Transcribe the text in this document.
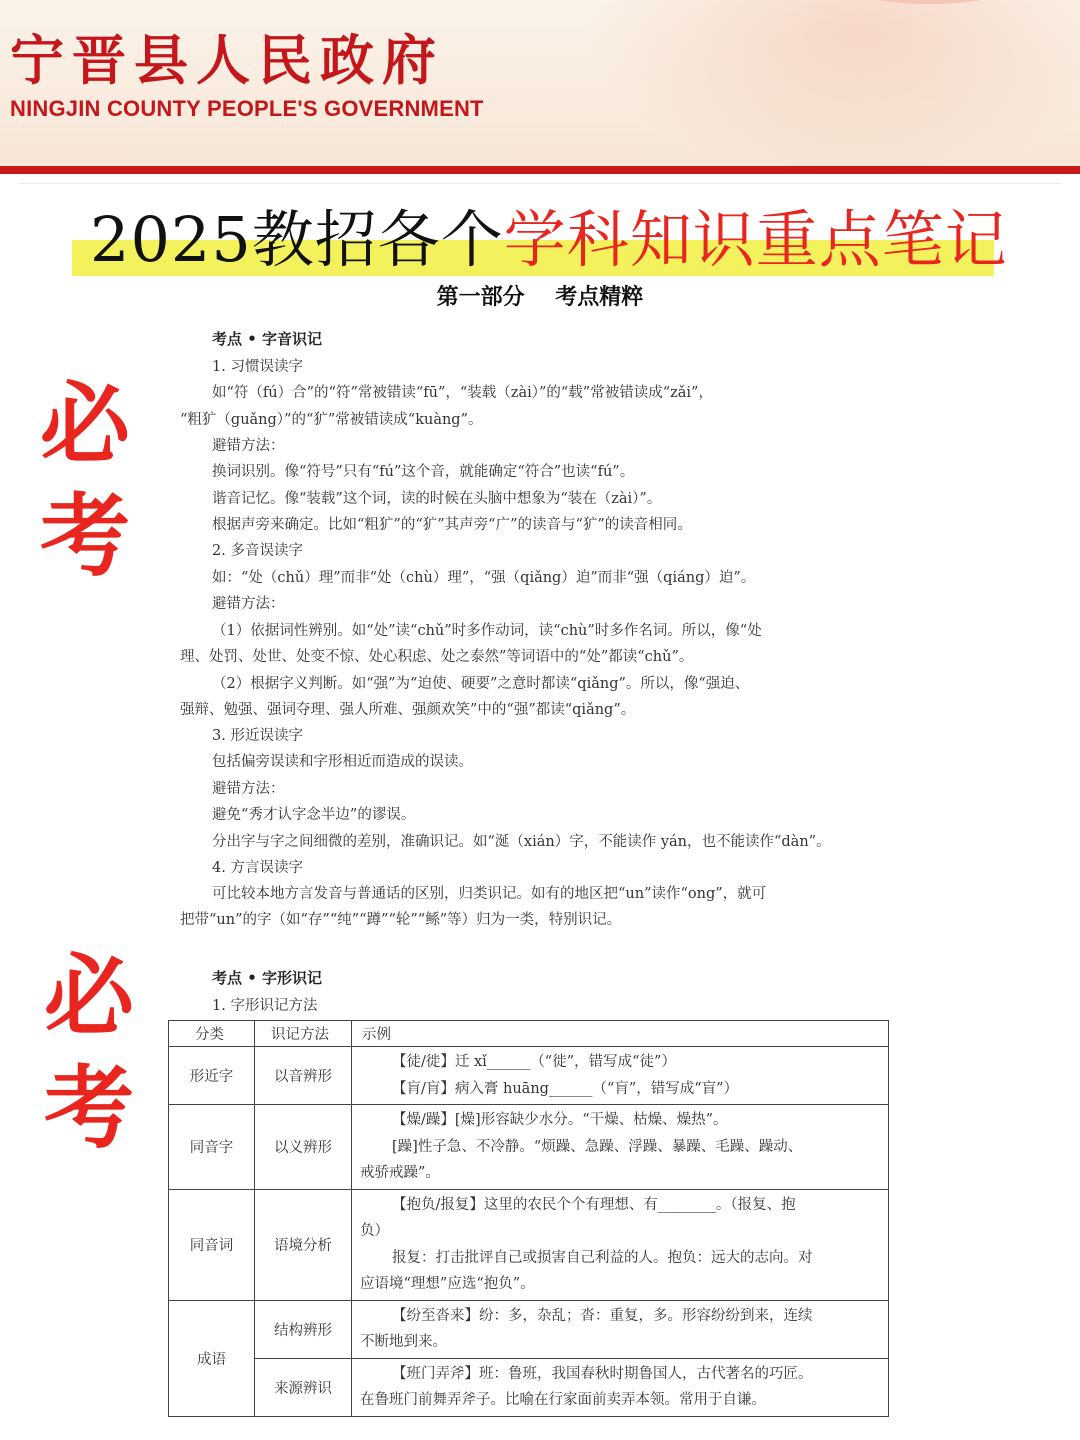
宁晋县人民政府
NINGJIN COUNTY PEOPLE'S GOVERNMENT
2025教招各个学科知识重点笔记
第一部分    考点精粹
必
考
必
考
考点 • 字音识记
1. 习惯误读字
如“符（fú）合”的“符”常被错读“fū”，“装载（zài）”的“载”常被错读成“zǎi”，
“粗犷（guǎng）”的“犷”常被错读成“kuàng”。
避错方法：
换词识别。像“符号”只有“fú”这个音，就能确定“符合”也读“fú”。
谐音记忆。像“装载”这个词，读的时候在头脑中想象为“装在（zài）”。
根据声旁来确定。比如“粗犷”的“犷”其声旁“广”的读音与“犷”的读音相同。
2. 多音误读字
如：“处（chǔ）理”而非“处（chù）理”，“强（qiǎng）迫”而非“强（qiáng）迫”。
避错方法：
（1）依据词性辨别。如“处”读“chǔ”时多作动词，读“chù”时多作名词。所以，像“处
理、处罚、处世、处变不惊、处心积虑、处之泰然”等词语中的“处”都读“chǔ”。
（2）根据字义判断。如“强”为“迫使、硬要”之意时都读“qiǎng”。所以，像“强迫、
强辩、勉强、强词夺理、强人所难、强颜欢笑”中的“强”都读“qiǎng”。
3. 形近误读字
包括偏旁误读和字形相近而造成的误读。
避错方法：
避免“秀才认字念半边”的谬误。
分出字与字之间细微的差别，准确识记。如“涎（xián）字，不能读作 yán，也不能读作“dàn”。
4. 方言误读字
可比较本地方言发音与普通话的区别，归类识记。如有的地区把“un”读作“ong”，就可
把带“un”的字（如“存”“纯”“蹲”“轮”“鲧”等）归为一类，特别识记。
考点 • 字形识记
1. 字形识记方法
分类	识记方法	示例
形近字	以音辨形	【徒/徙】迁 xǐ______（“徙”，错写成“徒”）
【肓/肓】病入膏 huāng______（“肓”，错写成“盲”）

同音字	以义辨形	【燥/躁】[燥]形容缺少水分。“干燥、枯燥、燥热”。
[躁]性子急、不冷静。“烦躁、急躁、浮躁、暴躁、毛躁、躁动、
戒骄戒躁”。

同音词	语境分析	【抱负/报复】这里的农民个个有理想、有________。（报复、抱
负）
报复：打击批评自己或损害自己利益的人。抱负：远大的志向。对
应语境“理想”应选“抱负”。

成语	结构辨形	【纷至沓来】纷：多，杂乱；沓：重复，多。形容纷纷到来，连续
不断地到来。

	来源辨识	【班门弄斧】班：鲁班，我国春秋时期鲁国人，古代著名的巧匠。
在鲁班门前舞弄斧子。比喻在行家面前卖弄本领。常用于自谦。
